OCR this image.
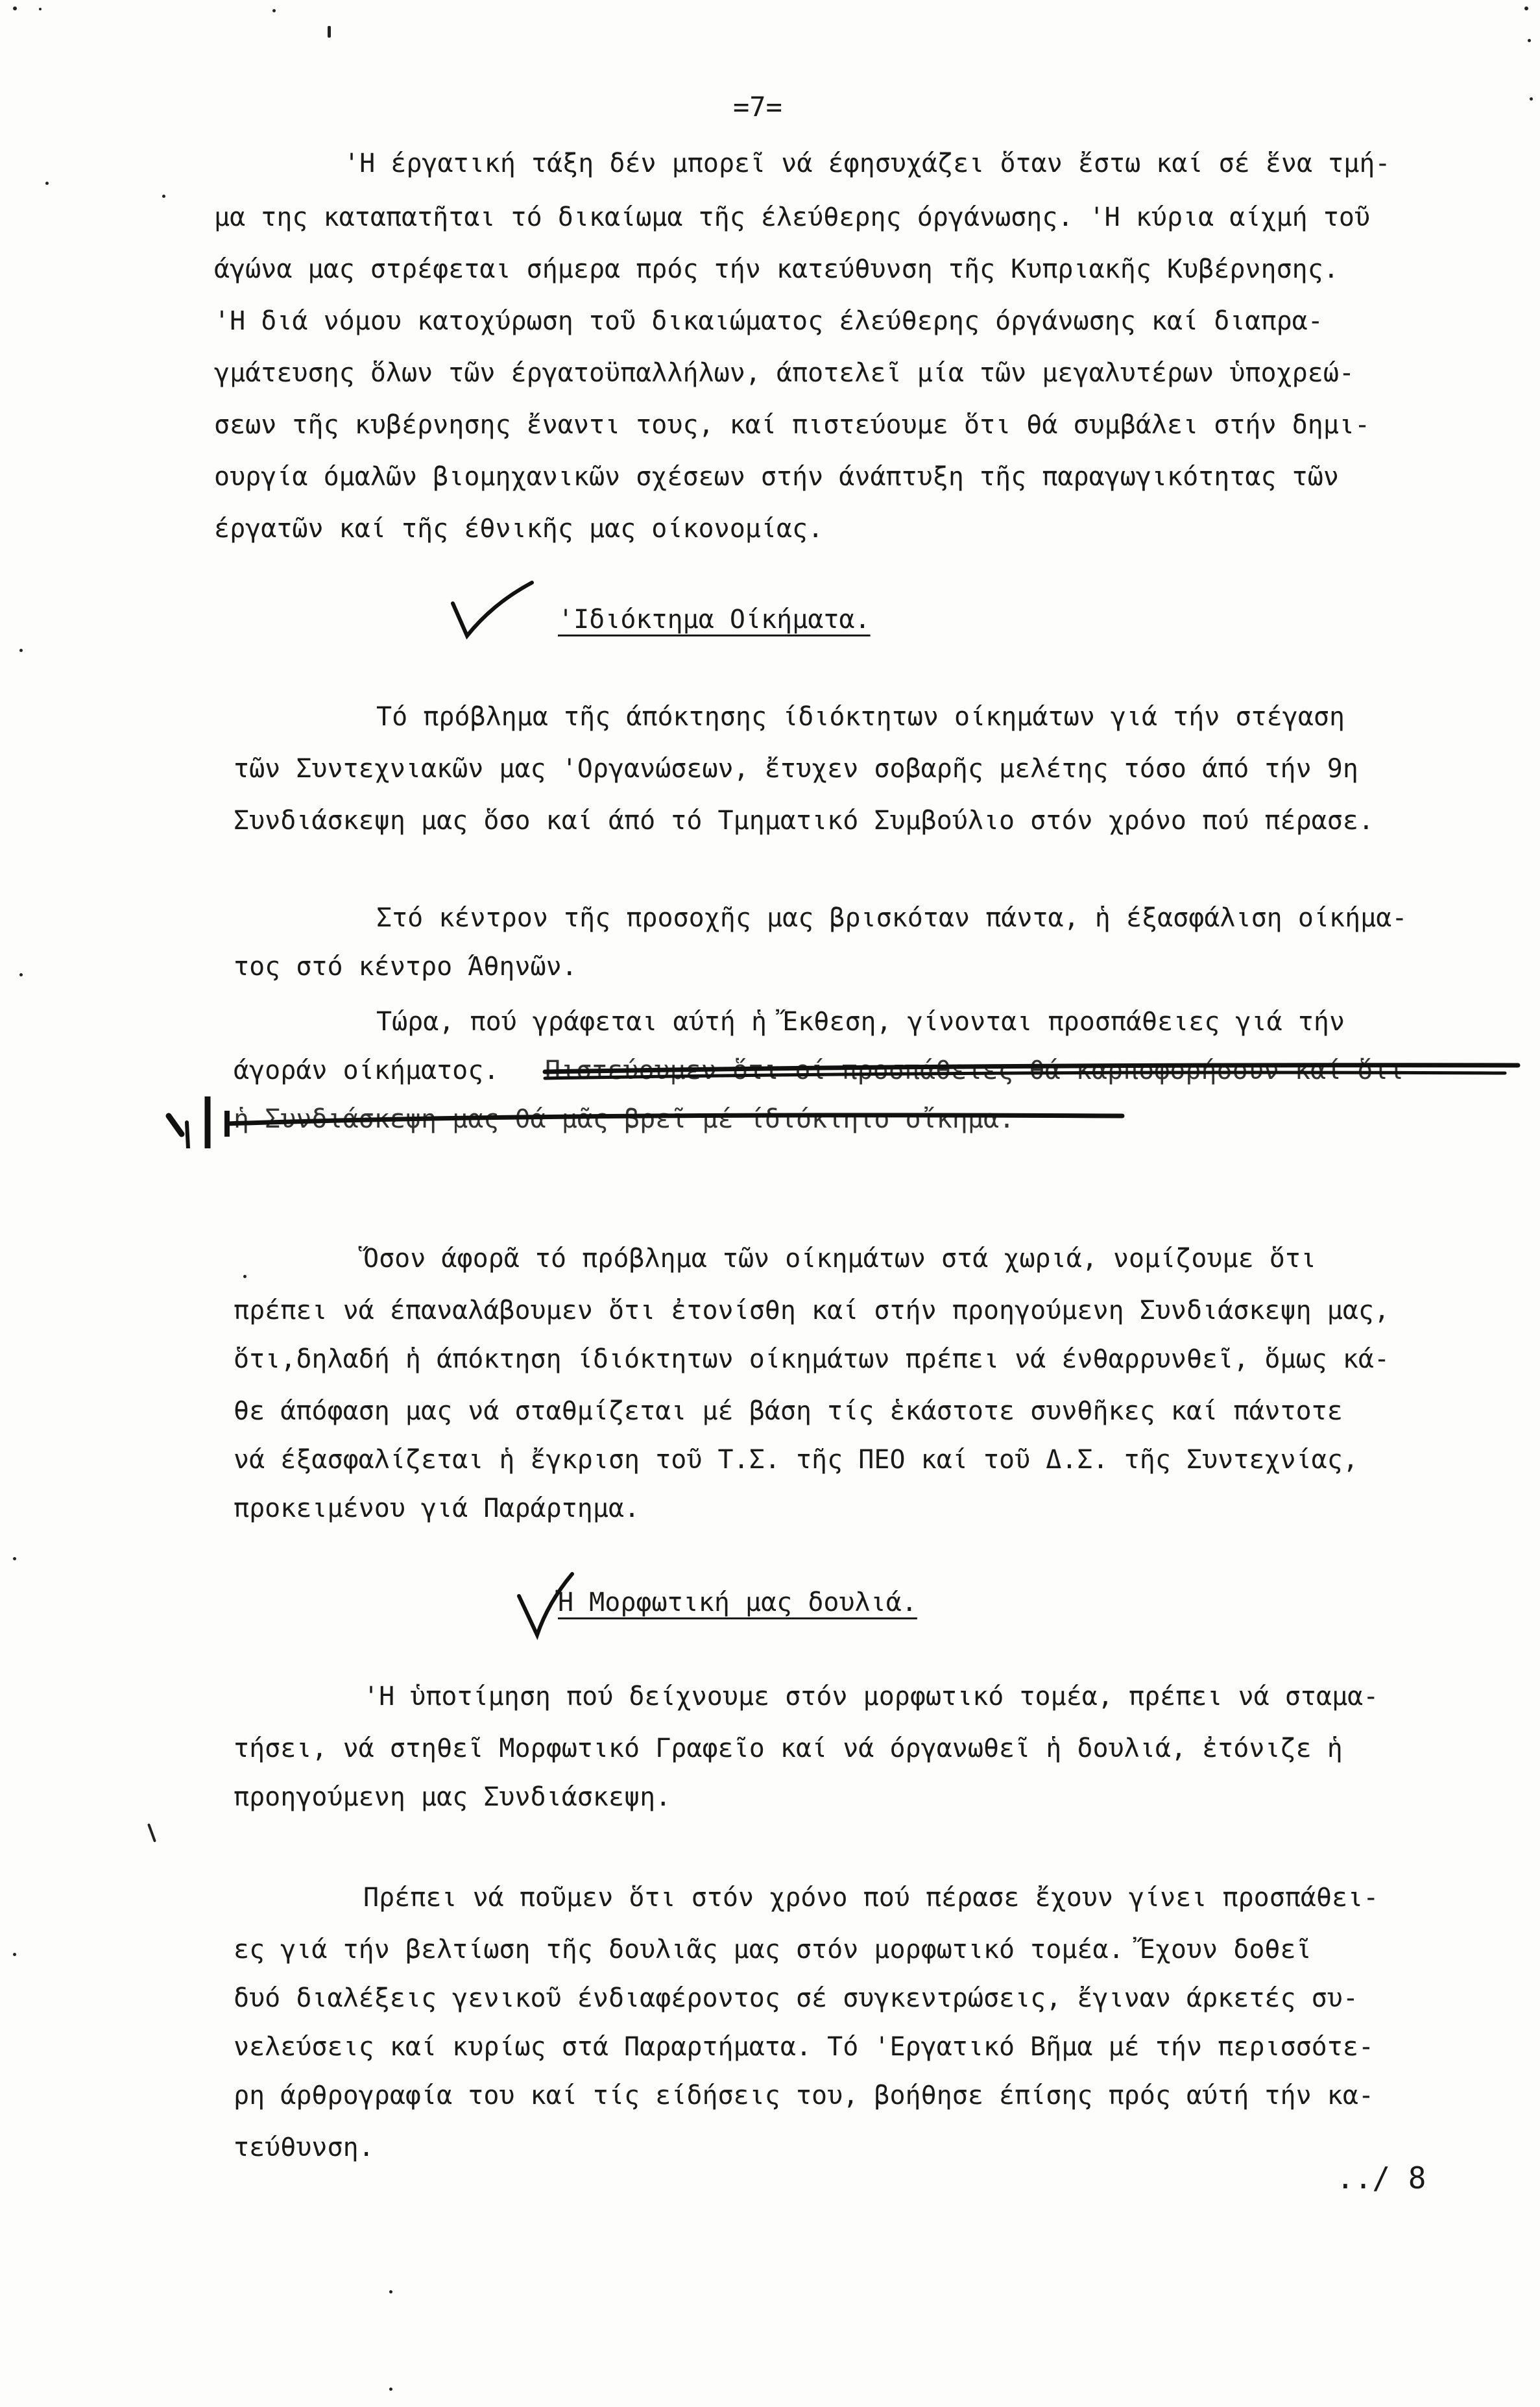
=7=
'Η έργατική τάξη δέν μπορεῖ νά έφησυχάζει ὅταν ἔστω καί σέ ἕνα τμή-
μα της καταπατῆται τό δικαίωμα τῆς έλεύθερης όργάνωσης. 'Η κύρια αίχμή τοῦ
άγώνα μας στρέφεται σήμερα πρός τήν κατεύθυνση τῆς Κυπριακῆς Κυβέρνησης.
'Η διά νόμου κατοχύρωση τοῦ δικαιώματος έλεύθερης όργάνωσης καί διαπρα-
γμάτευσης ὅλων τῶν έργατοϋπαλλήλων, άποτελεῖ μία τῶν μεγαλυτέρων ὑποχρεώ-
σεων τῆς κυβέρνησης ἔναντι τους, καί πιστεύουμε ὅτι θά συμβάλει στήν δημι-
ουργία όμαλῶν βιομηχανικῶν σχέσεων στήν άνάπτυξη τῆς παραγωγικότητας τῶν
έργατῶν καί τῆς έθνικῆς μας οίκονομίας.
'Ιδιόκτημα Οίκήματα.
Τό πρόβλημα τῆς άπόκτησης ίδιόκτητων οίκημάτων γιά τήν στέγαση
τῶν Συντεχνιακῶν μας 'Οργανώσεων, ἔτυχεν σοβαρῆς μελέτης τόσο άπό τήν 9η
Συνδιάσκεψη μας ὅσο καί άπό τό Τμηματικό Συμβούλιο στόν χρόνο πού πέρασε.
Στό κέντρον τῆς προσοχῆς μας βρισκόταν πάντα, ἡ έξασφάλιση οίκήμα-
τος στό κέντρο Άθηνῶν.
Τώρα, πού γράφεται αύτή ἡ Ἔκθεση, γίνονται προσπάθειες γιά τήν
άγοράν οίκήματος. Πιστεύουμεν ὅτι οί προσπάθειες θά καρποφορήσουν καί ὅτι
ἡ Συνδιάσκεψη μας θά μᾶς βρεῖ μέ ίδιόκτητο οἴκημα.
Ὅσον άφορᾶ τό πρόβλημα τῶν οίκημάτων στά χωριά, νομίζουμε ὅτι
πρέπει νά έπαναλάβουμεν ὅτι ἐτονίσθη καί στήν προηγούμενη Συνδιάσκεψη μας,
ὅτι,δηλαδή ἡ άπόκτηση ίδιόκτητων οίκημάτων πρέπει νά ένθαρρυνθεῖ, ὅμως κά-
θε άπόφαση μας νά σταθμίζεται μέ βάση τίς ἑκάστοτε συνθῆκες καί πάντοτε
νά έξασφαλίζεται ἡ ἔγκριση τοῦ Τ.Σ. τῆς ΠΕΟ καί τοῦ Δ.Σ. τῆς Συντεχνίας,
προκειμένου γιά Παράρτημα.
Ἡ Μορφωτική μας δουλιά.
'Η ὑποτίμηση πού δείχνουμε στόν μορφωτικό τομέα, πρέπει νά σταμα-
τήσει, νά στηθεῖ Μορφωτικό Γραφεῖο καί νά όργανωθεῖ ἡ δουλιά, ἐτόνιζε ἡ
προηγούμενη μας Συνδιάσκεψη.
Πρέπει νά ποῦμεν ὅτι στόν χρόνο πού πέρασε ἔχουν γίνει προσπάθει-
ες γιά τήν βελτίωση τῆς δουλιᾶς μας στόν μορφωτικό τομέα. Ἔχουν δοθεῖ
δυό διαλέξεις γενικοῦ ένδιαφέροντος σέ συγκεντρώσεις, ἔγιναν άρκετές συ-
νελεύσεις καί κυρίως στά Παραρτήματα. Τό 'Εργατικό Βῆμα μέ τήν περισσότε-
ρη άρθρογραφία του καί τίς είδήσεις του, βοήθησε έπίσης πρός αύτή τήν κα-
τεύθυνση.
../ 8
